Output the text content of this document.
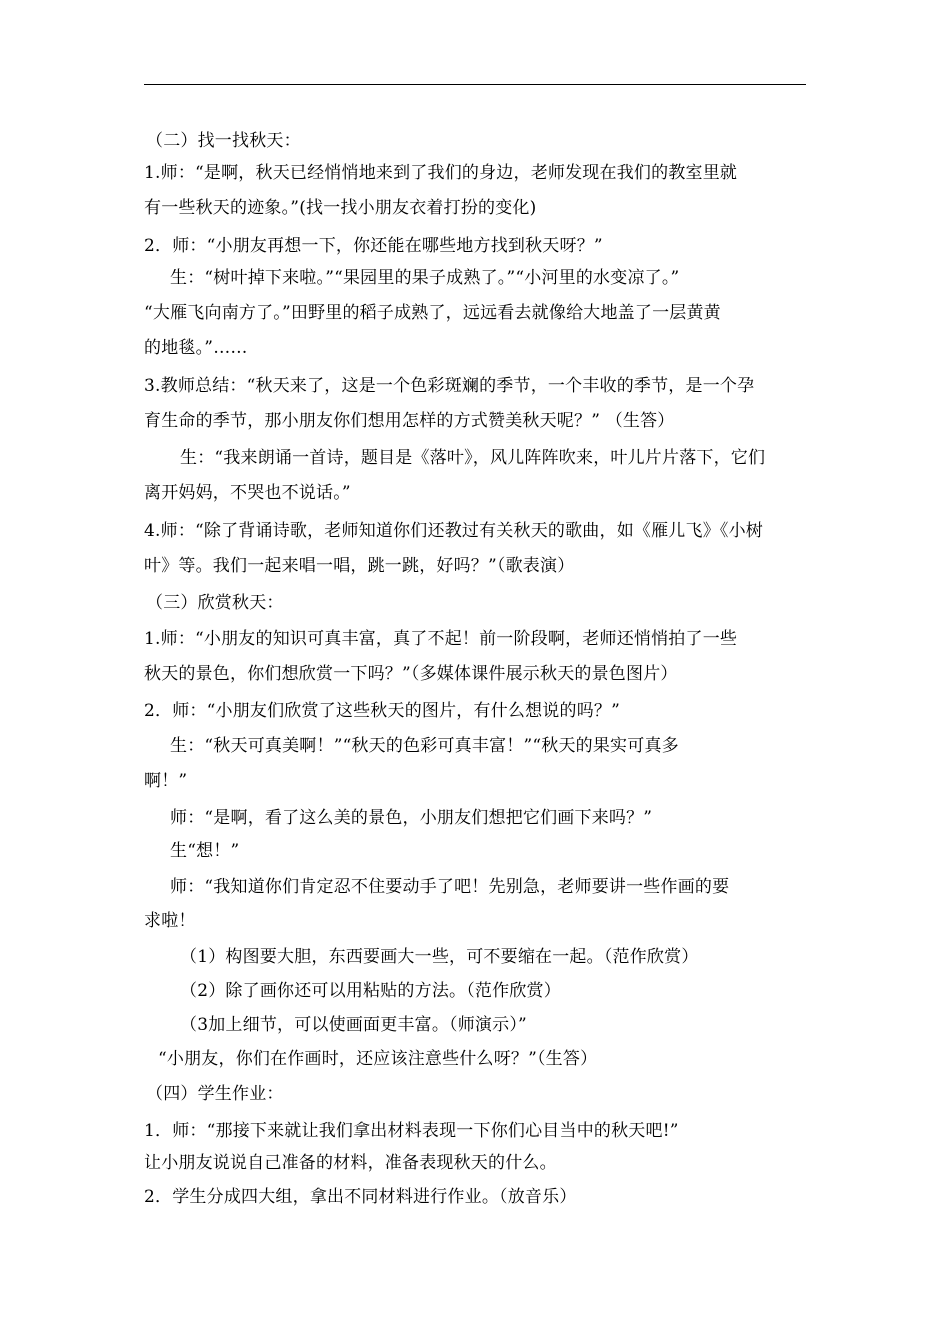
（二）找一找秋天：
1.师：“是啊，秋天已经悄悄地来到了我们的身边，老师发现在我们的教室里就
有一些秋天的迹象。”(找一找小朋友衣着打扮的变化)
2．师：“小朋友再想一下，你还能在哪些地方找到秋天呀？”
生：“树叶掉下来啦。”“果园里的果子成熟了。”“小河里的水变凉了。”
“大雁飞向南方了。”田野里的稻子成熟了，远远看去就像给大地盖了一层黄黄
的地毯。”……
3.教师总结：“秋天来了，这是一个色彩斑斓的季节，一个丰收的季节，是一个孕
育生命的季节，那小朋友你们想用怎样的方式赞美秋天呢？” （生答）
生：“我来朗诵一首诗，题目是《落叶》，风儿阵阵吹来，叶儿片片落下，它们
离开妈妈，不哭也不说话。”
4.师：“除了背诵诗歌，老师知道你们还教过有关秋天的歌曲，如《雁儿飞》《小树
叶》等。我们一起来唱一唱，跳一跳，好吗？”（歌表演）
（三）欣赏秋天：
1.师：“小朋友的知识可真丰富，真了不起！前一阶段啊，老师还悄悄拍了一些
秋天的景色，你们想欣赏一下吗？”（多媒体课件展示秋天的景色图片）
2．师：“小朋友们欣赏了这些秋天的图片，有什么想说的吗？”
生：“秋天可真美啊！”“秋天的色彩可真丰富！”“秋天的果实可真多
啊！”
师：“是啊，看了这么美的景色，小朋友们想把它们画下来吗？”
生“想！”
师：“我知道你们肯定忍不住要动手了吧！先别急，老师要讲一些作画的要
求啦！
（1）构图要大胆，东西要画大一些，可不要缩在一起。（范作欣赏）
（2）除了画你还可以用粘贴的方法。（范作欣赏）
（3加上细节，可以使画面更丰富。（师演示）”
“小朋友，你们在作画时，还应该注意些什么呀？”（生答）
（四）学生作业：
1．师：“那接下来就让我们拿出材料表现一下你们心目当中的秋天吧!”
让小朋友说说自己准备的材料，准备表现秋天的什么。
2．学生分成四大组，拿出不同材料进行作业。（放音乐）
